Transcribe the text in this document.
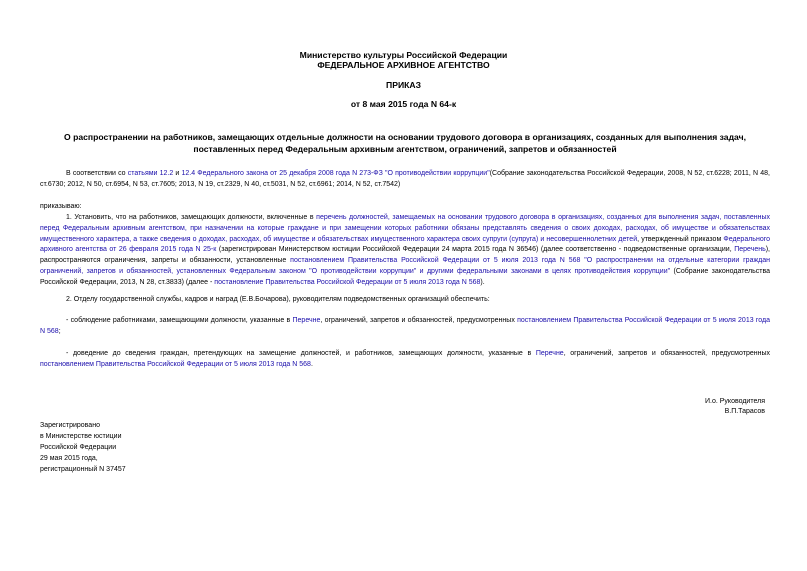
Министерство культуры Российской Федерации
ФЕДЕРАЛЬНОЕ АРХИВНОЕ АГЕНТСТВО
ПРИКАЗ
от 8 мая 2015 года N 64-к
О распространении на работников, замещающих отдельные должности на основании трудового договора в организациях, созданных для выполнения задач,
поставленных перед Федеральным архивным агентством, ограничений, запретов и обязанностей
В соответствии со статьями 12.2 и 12.4 Федерального закона от 25 декабря 2008 года N 273-ФЗ "О противодействии коррупции"(Собрание законодательства Российской Федерации, 2008, N 52, ст.6228; 2011, N 48, ст.6730; 2012, N 50, ст.6954, N 53, ст.7605; 2013, N 19, ст.2329, N 40, ст.5031, N 52, ст.6961; 2014, N 52, ст.7542)
приказываю:
1. Установить, что на работников, замещающих должности, включенные в перечень должностей, замещаемых на основании трудового договора в организациях, созданных для выполнения задач, поставленных перед Федеральным архивным агентством, при назначении на которые граждане и при замещении которых работники обязаны представлять сведения о своих доходах, расходах, об имуществе и обязательствах имущественного характера, а также сведения о доходах, расходах, об имуществе и обязательствах имущественного характера своих супруги (супруга) и несовершеннолетних детей, утвержденный приказом Федерального архивного агентства от 26 февраля 2015 года N 25-к (зарегистрирован Министерством юстиции Российской Федерации 24 марта 2015 года N 36546) (далее соответственно - подведомственные организации, Перечень), распространяются ограничения, запреты и обязанности, установленные постановлением Правительства Российской Федерации от 5 июля 2013 года N 568 "О распространении на отдельные категории граждан ограничений, запретов и обязанностей, установленных Федеральным законом "О противодействии коррупции" и другими федеральными законами в целях противодействия коррупции" (Собрание законодательства Российской Федерации, 2013, N 28, ст.3833) (далее - постановление Правительства Российской Федерации от 5 июля 2013 года N 568).
2. Отделу государственной службы, кадров и наград (Е.В.Бочарова), руководителям подведомственных организаций обеспечить:
- соблюдение работниками, замещающими должности, указанные в Перечне, ограничений, запретов и обязанностей, предусмотренных постановлением Правительства Российской Федерации от 5 июля 2013 года N 568;
- доведение до сведения граждан, претендующих на замещение должностей, и работников, замещающих должности, указанные в Перечне, ограничений, запретов и обязанностей, предусмотренных постановлением Правительства Российской Федерации от 5 июля 2013 года N 568.
И.о. Руководителя
В.П.Тарасов
Зарегистрировано
в Министерстве юстиции
Российской Федерации
29 мая 2015 года,
регистрационный N 37457
